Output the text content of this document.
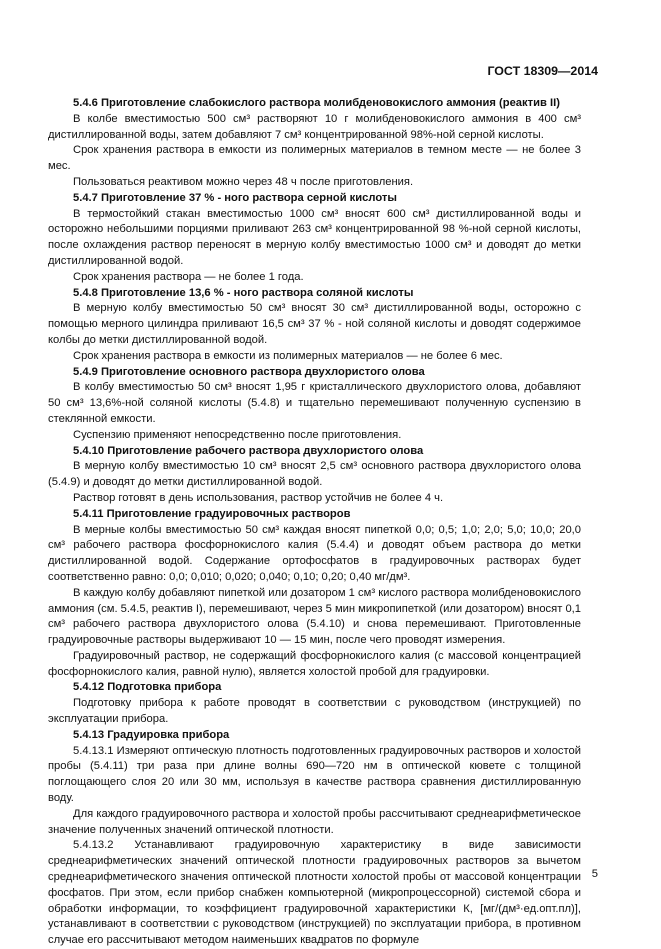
ГОСТ 18309—2014
5.4.6 Приготовление слабокислого раствора молибденовокислого аммония (реактив II)

В колбе вместимостью 500 см³ растворяют 10 г молибденовокислого аммония в 400 см³ дистиллированной воды, затем добавляют 7 см³ концентрированной 98%-ной серной кислоты.

Срок хранения раствора в емкости из полимерных материалов в темном месте — не более 3 мес.

Пользоваться реактивом можно через 48 ч после приготовления.

5.4.7 Приготовление 37 % - ного раствора серной кислоты

В термостойкий стакан вместимостью 1000 см³ вносят 600 см³ дистиллированной воды и осторожно небольшими порциями приливают 263 см³ концентрированной 98 %-ной серной кислоты, после охлаждения раствор переносят в мерную колбу вместимостью 1000 см³ и доводят до метки дистиллированной водой.

Срок хранения раствора — не более 1 года.

5.4.8 Приготовление 13,6 % - ного раствора соляной кислоты

В мерную колбу вместимостью 50 см³ вносят 30 см³ дистиллированной воды, осторожно с помощью мерного цилиндра приливают 16,5 см³ 37 % - ной соляной кислоты и доводят содержимое колбы до метки дистиллированной водой.

Срок хранения раствора в емкости из полимерных материалов — не более 6 мес.

5.4.9 Приготовление основного раствора двухлористого олова

В колбу вместимостью 50 см³ вносят 1,95 г кристаллического двухлористого олова, добавляют 50 см³ 13,6%-ной соляной кислоты (5.4.8) и тщательно перемешивают полученную суспензию в стеклянной емкости.

Суспензию применяют непосредственно после приготовления.

5.4.10 Приготовление рабочего раствора двухлористого олова

В мерную колбу вместимостью 10 см³ вносят 2,5 см³ основного раствора двухлористого олова (5.4.9) и доводят до метки дистиллированной водой.

Раствор готовят в день использования, раствор устойчив не более 4 ч.

5.4.11 Приготовление градуировочных растворов

В мерные колбы вместимостью 50 см³ каждая вносят пипеткой 0,0; 0,5; 1,0; 2,0; 5,0; 10,0; 20,0 см³ рабочего раствора фосфорнокислого калия (5.4.4) и доводят объем раствора до метки дистиллированной водой. Содержание ортофосфатов в градуировочных растворах будет соответственно равно: 0,0; 0,010; 0,020; 0,040; 0,10; 0,20; 0,40 мг/дм³.

В каждую колбу добавляют пипеткой или дозатором 1 см³ кислого раствора молибденовокислого аммония (см. 5.4.5, реактив I), перемешивают, через 5 мин микропипеткой (или дозатором) вносят 0,1 см³ рабочего раствора двухлористого олова (5.4.10) и снова перемешивают. Приготовленные градуировочные растворы выдерживают 10 — 15 мин, после чего проводят измерения.

Градуировочный раствор, не содержащий фосфорнокислого калия (с массовой концентрацией фосфорнокислого калия, равной нулю), является холостой пробой для градуировки.

5.4.12 Подготовка прибора

Подготовку прибора к работе проводят в соответствии с руководством (инструкцией) по эксплуатации прибора.

5.4.13 Градуировка прибора

5.4.13.1 Измеряют оптическую плотность подготовленных градуировочных растворов и холостой пробы (5.4.11) три раза при длине волны 690—720 нм в оптической кювете с толщиной поглощающего слоя 20 или 30 мм, используя в качестве раствора сравнения дистиллированную воду.

Для каждого градуировочного раствора и холостой пробы рассчитывают среднеарифметическое значение полученных значений оптической плотности.

5.4.13.2 Устанавливают градуировочную характеристику в виде зависимости среднеарифметических значений оптической плотности градуировочных растворов за вычетом среднеарифметического значения оптической плотности холостой пробы от массовой концентрации фосфатов. При этом, если прибор снабжен компьютерной (микропроцессорной) системой сбора и обработки информации, то коэффициент градуировочной характеристики К, [мг/(дм³·ед.опт.пл)], устанавливают в соответствии с руководством (инструкцией) по эксплуатации прибора, в противном случае его рассчитывают методом наименьших квадратов по формуле

5
